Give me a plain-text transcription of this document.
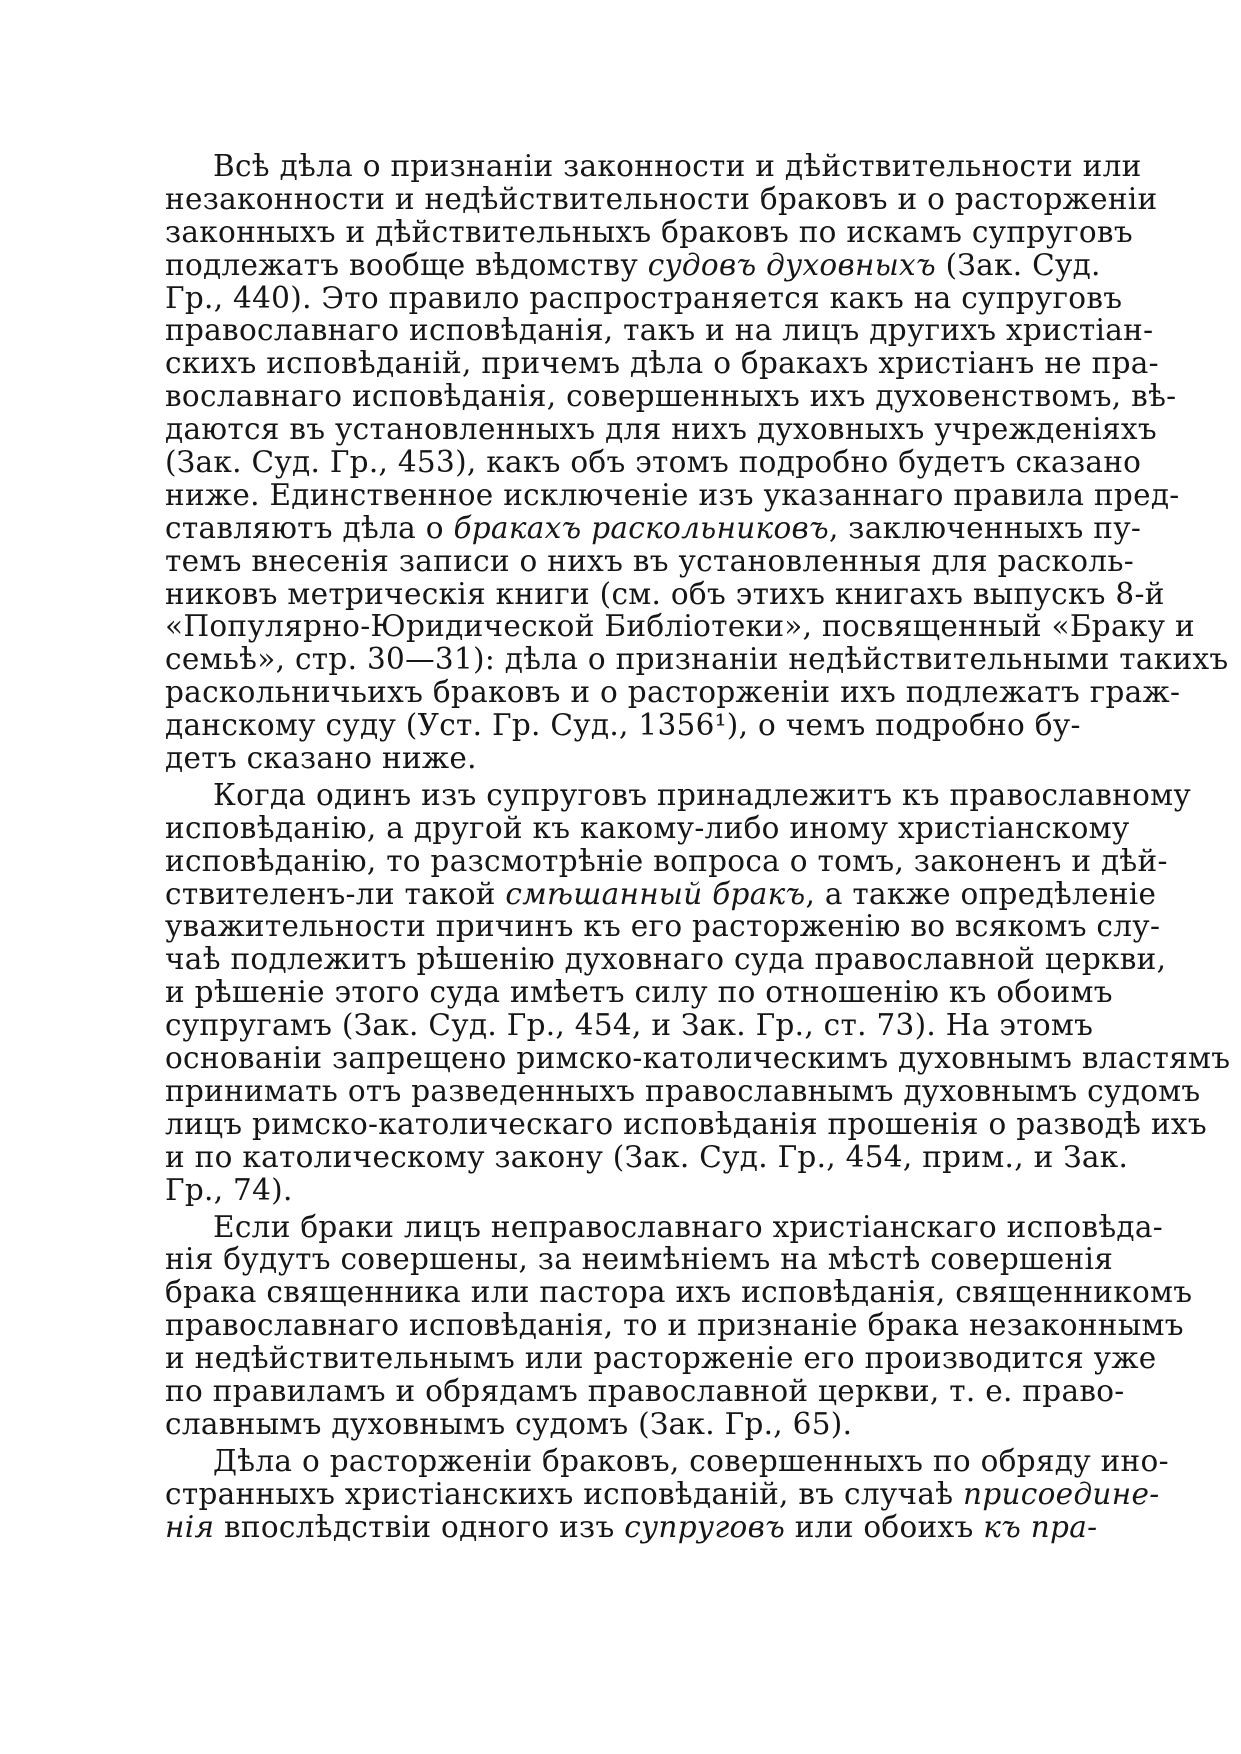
Всѣ дѣла о признаніи законности и дѣйствительности или
незаконности и недѣйствительности браковъ и о расторженіи
законныхъ и дѣйствительныхъ браковъ по искамъ супруговъ
подлежатъ вообще вѣдомству судовъ духовныхъ (Зак. Суд.
Гр., 440). Это правило распространяется какъ на супруговъ
православнаго исповѣданія, такъ и на лицъ другихъ христіан-
скихъ исповѣданій, причемъ дѣла о бракахъ христіанъ не пра-
вославнаго исповѣданія, совершенныхъ ихъ духовенствомъ, вѣ-
даются въ установленныхъ для нихъ духовныхъ учрежденіяхъ
(Зак. Суд. Гр., 453), какъ объ этомъ подробно будетъ сказано
ниже. Единственное исключеніе изъ указаннаго правила пред-
ставляютъ дѣла о бракахъ раскольниковъ, заключенныхъ пу-
темъ внесенія записи о нихъ въ установленныя для расколь-
никовъ метрическія книги (см. объ этихъ книгахъ выпускъ 8-й
«Популярно-Юридической Библіотеки», посвященный «Браку и
семьѣ», стр. 30—31): дѣла о признаніи недѣйствительными такихъ
раскольничьихъ браковъ и о расторженіи ихъ подлежатъ граж-
данскому суду (Уст. Гр. Суд., 1356¹), о чемъ подробно бу-
детъ сказано ниже.
Когда одинъ изъ супруговъ принадлежитъ къ православному
исповѣданію, а другой къ какому-либо иному христіанскому
исповѣданію, то разсмотрѣніе вопроса о томъ, законенъ и дѣй-
ствителенъ-ли такой смѣшанный бракъ, а также опредѣленіе
уважительности причинъ къ его расторженію во всякомъ слу-
чаѣ подлежитъ рѣшенію духовнаго суда православной церкви,
и рѣшеніе этого суда имѣетъ силу по отношенію къ обоимъ
супругамъ (Зак. Суд. Гр., 454, и Зак. Гр., ст. 73). На этомъ
основаніи запрещено римско-католическимъ духовнымъ властямъ
принимать отъ разведенныхъ православнымъ духовнымъ судомъ
лицъ римско-католическаго исповѣданія прошенія о разводѣ ихъ
и по католическому закону (Зак. Суд. Гр., 454, прим., и Зак.
Гр., 74).
Если браки лицъ неправославнаго христіанскаго исповѣда-
нія будутъ совершены, за неимѣніемъ на мѣстѣ совершенія
брака священника или пастора ихъ исповѣданія, священникомъ
православнаго исповѣданія, то и признаніе брака незаконнымъ
и недѣйствительнымъ или расторженіе его производится уже
по правиламъ и обрядамъ православной церкви, т. е. право-
славнымъ духовнымъ судомъ (Зак. Гр., 65).
Дѣла о расторженіи браковъ, совершенныхъ по обряду ино-
странныхъ христіанскихъ исповѣданій, въ случаѣ присоедине-
нія впослѣдствіи одного изъ супруговъ или обоихъ къ пра-
